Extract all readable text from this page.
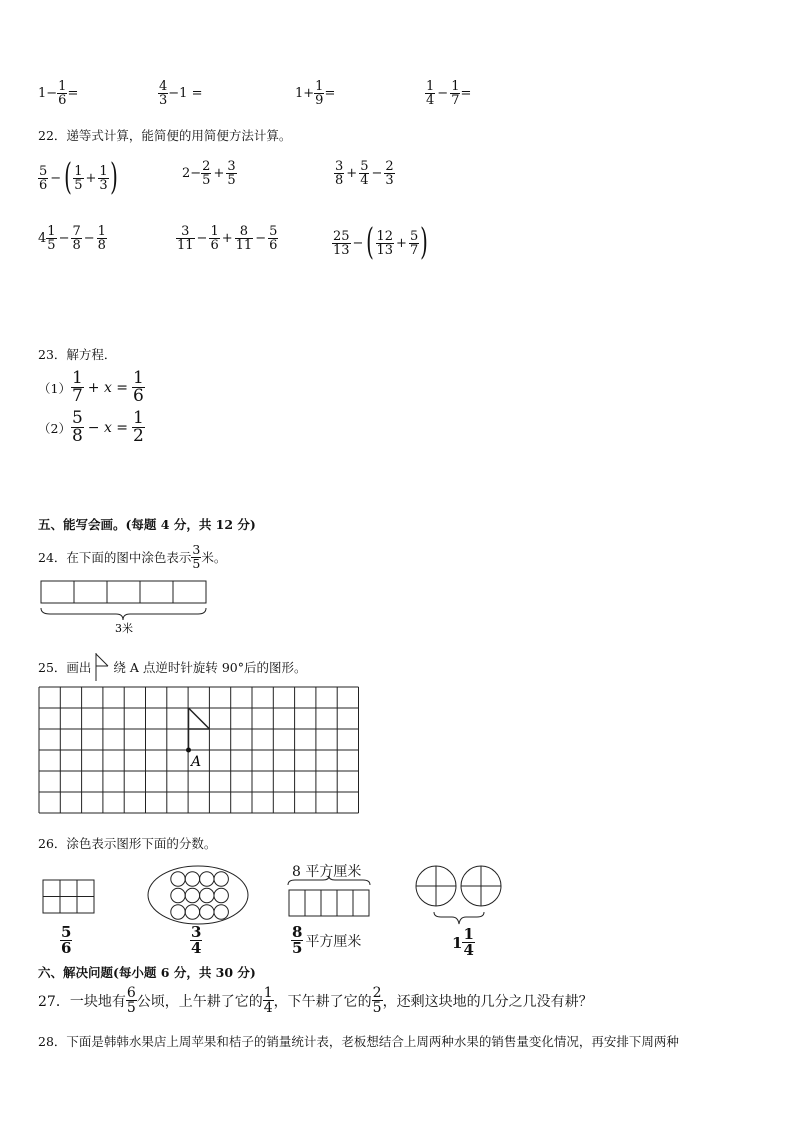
$1- \frac{1}{6}$ =	$\frac{4}{3} -1$ =	$1+ \frac{1}{9}$ =	$\frac{1}{4} - \frac{1}{7}$ =
22．递等式计算，能简便的用简便方法计算。
$\frac{5}{6}$ − ( $\frac{1}{5} + \frac{1}{3}$ )	$2- \frac{2}{5} + \frac{3}{5}$	$\frac{3}{8} + \frac{5}{4} - \frac{2}{3}$
$4 \frac{1}{5} - \frac{7}{8} - \frac{1}{8}$	$\frac{3}{11} - \frac{1}{6} + \frac{8}{11} - \frac{5}{6}$	$\frac{25}{13}$ − ( $\frac{12}{13} + \frac{5}{7}$ )
23．解方程．
$(1) \frac{1}{7} + x = \frac{1}{6}$
$(2) \frac{5}{8} - x = \frac{1}{2}$
五、能写会画。(每题 4 分，共 12 分)
24．在下面的图中涂色表示 $\frac{3}{5}$ 米。
3米
25．画出 绕 A 点逆时针旋转 90°后的图形。
A
26．涂色表示图形下面的分数。
$\frac{5}{6}$	$\frac{3}{4}$
8 平方厘米
$\frac{8}{5}$ 平方厘米	$1 \frac{1}{4}$
六、解决问题(每小题 6 分，共 30 分)
27．一块地有 $\frac{6}{5}$ 公顷，上午耕了它的 $\frac{1}{4}$ ，下午耕了它的 $\frac{2}{5}$ ，还剩这块地的几分之几没有耕？
28．下面是韩韩水果店上周苹果和桔子的销量统计表，老板想结合上周两种水果的销售量变化情况，再安排下周两种
